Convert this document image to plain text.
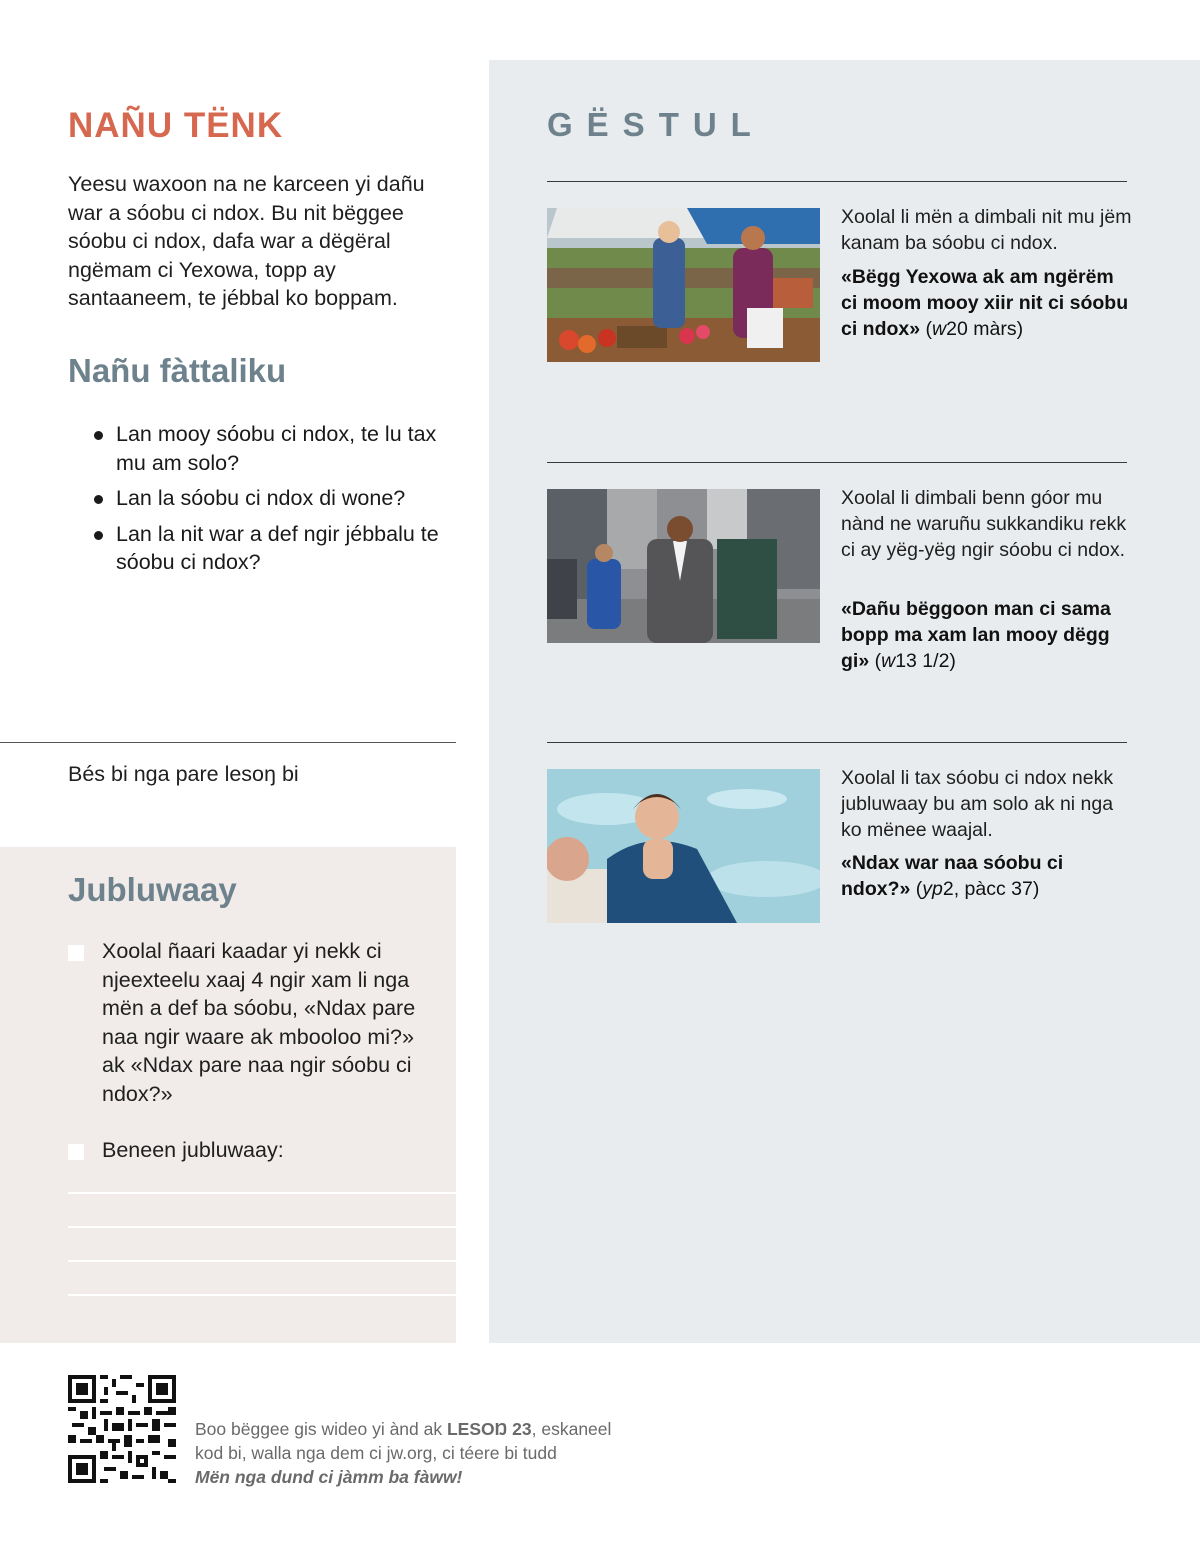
NAÑU TËNK

Yeesu waxoon na ne karceen yi dañu war a sóobu ci ndox. Bu nit bëggee sóobu ci ndox, dafa war a dëgëral ngëmam ci Yexowa, topp ay santaaneem, te jébbal ko boppam.

Nañu fàttaliku
Lan mooy sóobu ci ndox, te lu tax mu am solo?
Lan la sóobu ci ndox di wone?
Lan la nit war a def ngir jébbalu te sóobu ci ndox?
Bés bi nga pare lesoŋ bi
Jubluwaay
Xoolal ñaari kaadar yi nekk ci njeexteelu xaaj 4 ngir xam li nga mën a def ba sóobu, «Ndax pare naa ngir waare ak mbooloo mi?» ak «Ndax pare naa ngir sóobu ci ndox?»
Beneen jubluwaay:
GËSTUL
Xoolal li mën a dimbali nit mu jëm kanam ba sóobu ci ndox.
«Bëgg Yexowa ak am ngërëm ci moom mooy xiir nit ci sóobu ci ndox» (w20 màrs)
Xoolal li dimbali benn góor mu nànd ne waruñu sukkandiku rekk ci ay yëg-yëg ngir sóobu ci ndox.
«Dañu bëggoon man ci sama bopp ma xam lan mooy dëgg gi» (w13 1/2)
Xoolal li tax sóobu ci ndox nekk jubluwaay bu am solo ak ni nga ko mënee waajal.
«Ndax war naa sóobu ci ndox?» (yp2, pàcc 37)
Boo bëggee gis wideo yi ànd ak LESOŊ 23, eskaneel
kod bi, walla nga dem ci jw.org, ci téere bi tudd
Mën nga dund ci jàmm ba fàww!
